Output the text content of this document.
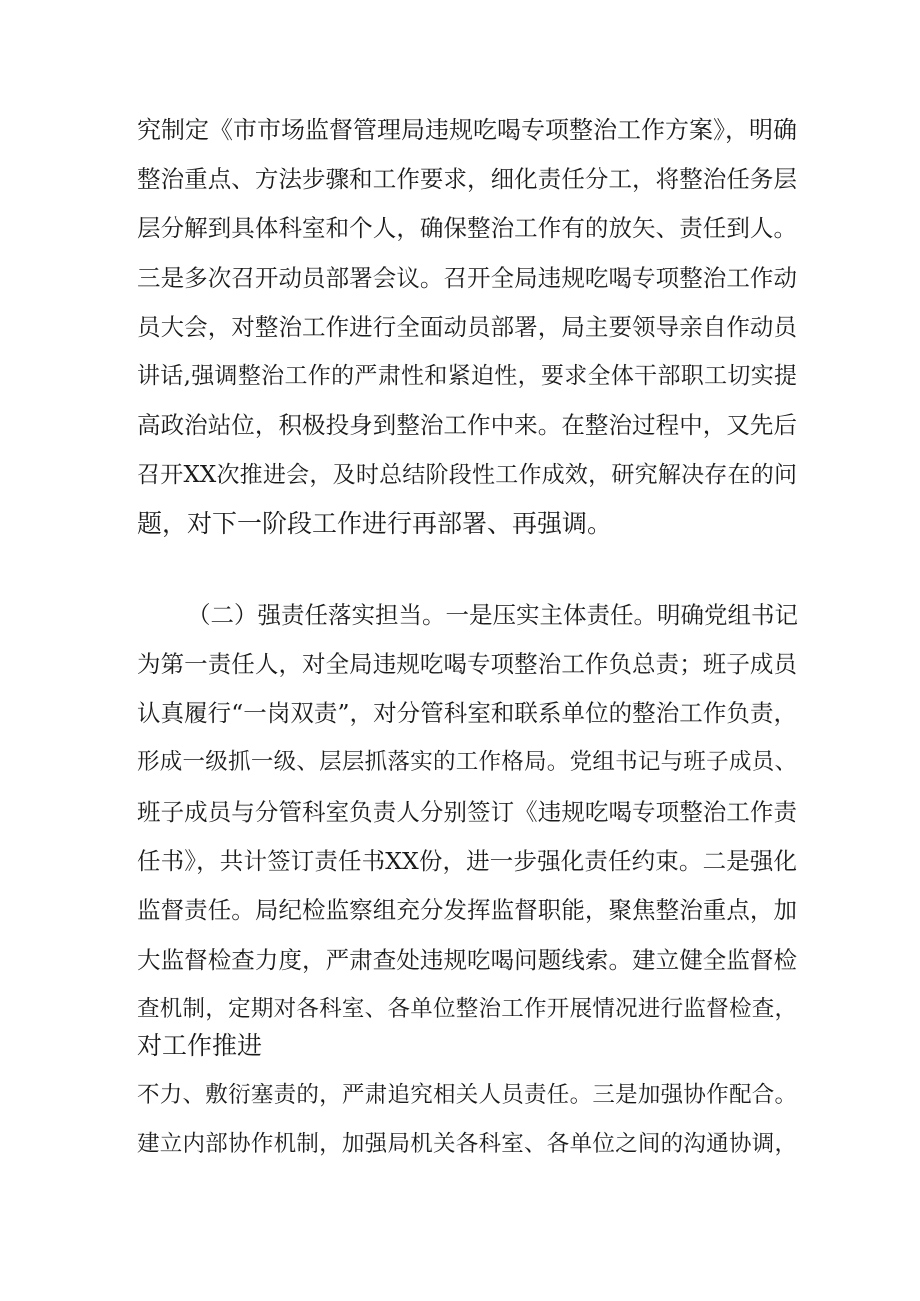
究制定《市市场监督管理局违规吃喝专项整治工作方案》，明确
整治重点、方法步骤和工作要求，细化责任分工，将整治任务层
层分解到具体科室和个人，确保整治工作有的放矢、责任到人。
三是多次召开动员部署会议。召开全局违规吃喝专项整治工作动
员大会，对整治工作进行全面动员部署，局主要领导亲自作动员
讲话,强调整治工作的严肃性和紧迫性，要求全体干部职工切实提
高政治站位，积极投身到整治工作中来。在整治过程中，又先后
召开XX次推进会，及时总结阶段性工作成效，研究解决存在的问
题，对下一阶段工作进行再部署、再强调。
（二）强责任落实担当。一是压实主体责任。明确党组书记
为第一责任人，对全局违规吃喝专项整治工作负总责；班子成员
认真履行“一岗双责”，对分管科室和联系单位的整治工作负责，
形成一级抓一级、层层抓落实的工作格局。党组书记与班子成员、
班子成员与分管科室负责人分别签订《违规吃喝专项整治工作责
任书》，共计签订责任书XX份，进一步强化责任约束。二是强化
监督责任。局纪检监察组充分发挥监督职能，聚焦整治重点，加
大监督检查力度，严肃查处违规吃喝问题线索。建立健全监督检
查机制，定期对各科室、各单位整治工作开展情况进行监督检查，
对工作推进
不力、敷衍塞责的，严肃追究相关人员责任。三是加强协作配合。
建立内部协作机制，加强局机关各科室、各单位之间的沟通协调，
